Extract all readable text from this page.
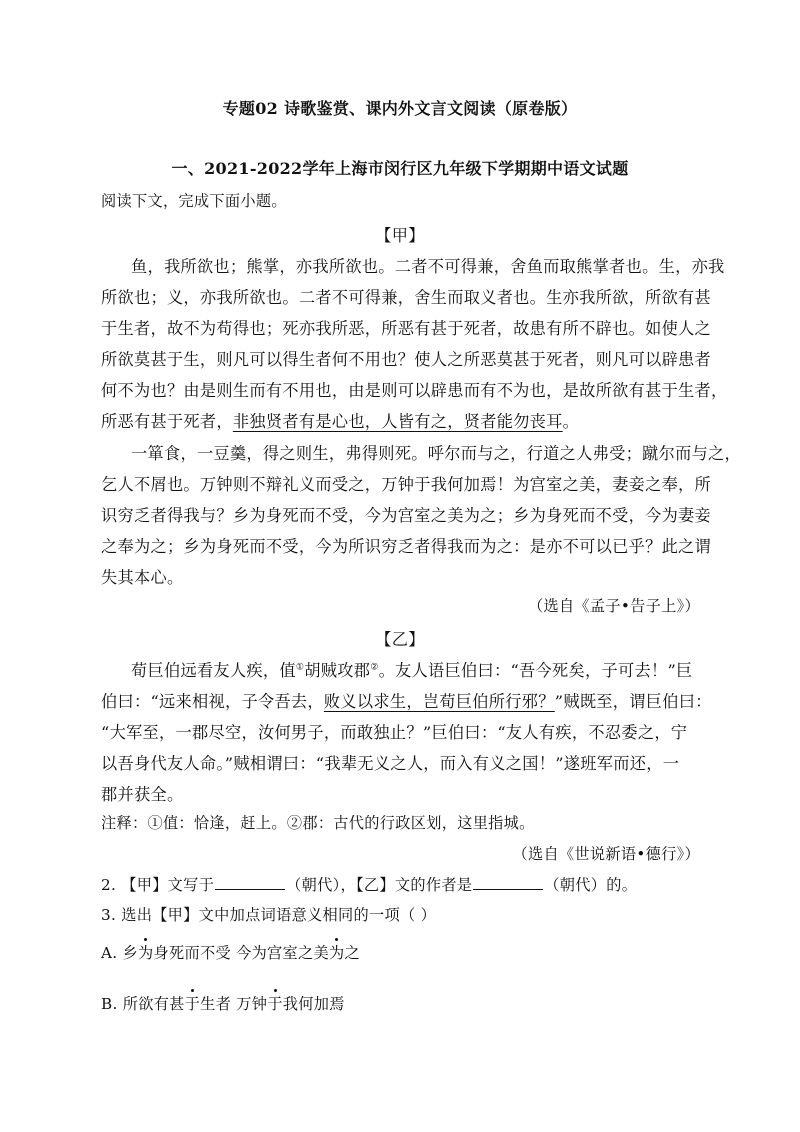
专题02 诗歌鉴赏、课内外文言文阅读（原卷版）
一、2021-2022学年上海市闵行区九年级下学期期中语文试题
阅读下文，完成下面小题。
【甲】
鱼，我所欲也；熊掌，亦我所欲也。二者不可得兼，舍鱼而取熊掌者也。生，亦我
所欲也；义，亦我所欲也。二者不可得兼，舍生而取义者也。生亦我所欲，所欲有甚
于生者，故不为苟得也；死亦我所恶，所恶有甚于死者，故患有所不辟也。如使人之
所欲莫甚于生，则凡可以得生者何不用也？使人之所恶莫甚于死者，则凡可以辟患者
何不为也？由是则生而有不用也，由是则可以辟患而有不为也，是故所欲有甚于生者，
所恶有甚于死者，非独贤者有是心也，人皆有之，贤者能勿丧耳。
一箪食，一豆羹，得之则生，弗得则死。呼尔而与之，行道之人弗受；蹴尔而与之，
乞人不屑也。万钟则不辩礼义而受之，万钟于我何加焉！为宫室之美，妻妾之奉，所
识穷乏者得我与？乡为身死而不受，今为宫室之美为之；乡为身死而不受，今为妻妾
之奉为之；乡为身死而不受，今为所识穷乏者得我而为之：是亦不可以已乎？此之谓
失其本心。
（选自《孟子•告子上》）
【乙】
荀巨伯远看友人疾，值①胡贼攻郡②。友人语巨伯曰：“吾今死矣，子可去！”巨
伯曰：“远来相视，子令吾去，败义以求生，岂荀巨伯所行邪？”贼既至，谓巨伯曰：
“大军至，一郡尽空，汝何男子，而敢独止？”巨伯曰：“友人有疾，不忍委之，宁
以吾身代友人命。”贼相谓曰：“我辈无义之人，而入有义之国！”遂班军而还，一
郡并获全。
注释：①值：恰逢，赶上。②郡：古代的行政区划，这里指城。
（选自《世说新语•德行》）
2. 【甲】文写于	（朝代），【乙】文的作者是	（朝代）的。
3. 选出【甲】文中加点词语意义相同的一项（ ）
A. 乡为身死而不受 今为宫室之美为之
B. 所欲有甚于生者 万钟于我何加焉
